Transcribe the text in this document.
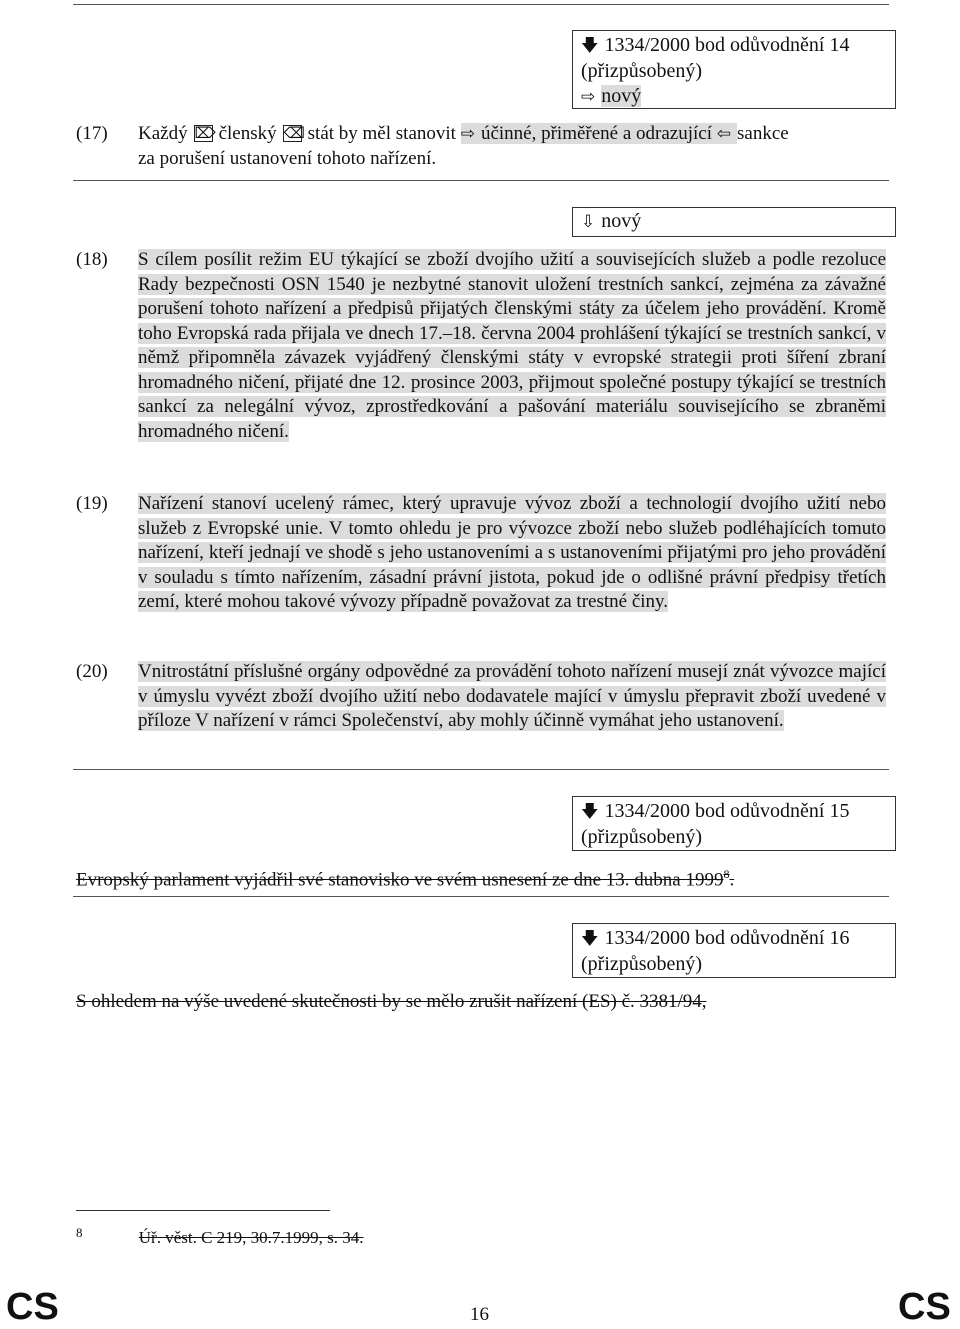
🡇 1334/2000 bod odůvodnění 14
(přizpůsobený)
⇨ nový
(17)	Každý ⌦ členský ⌫ stát by měl stanovit ⇨ účinné, přiměřené a odrazující ⇦ sankce
za porušení ustanovení tohoto nařízení.
⇩ nový
(18)	S cílem posílit režim EU týkající se zboží dvojího užití a souvisejících služeb a podle rezoluce Rady bezpečnosti OSN 1540 je nezbytné stanovit uložení trestních sankcí, zejména za závažné porušení tohoto nařízení a předpisů přijatých členskými státy za účelem jeho provádění. Kromě toho Evropská rada přijala ve dnech 17.–18. června 2004 prohlášení týkající se trestních sankcí, v němž připomněla závazek vyjádřený členskými státy v evropské strategii proti šíření zbraní hromadného ničení, přijaté dne 12. prosince 2003, přijmout společné postupy týkající se trestních sankcí za nelegální vývoz, zprostředkování a pašování materiálu souvisejícího se zbraněmi hromadného ničení.
(19)	Nařízení stanoví ucelený rámec, který upravuje vývoz zboží a technologií dvojího užití nebo služeb z Evropské unie. V tomto ohledu je pro vývozce zboží nebo služeb podléhajících tomuto nařízení, kteří jednají ve shodě s jeho ustanoveními a s ustanoveními přijatými pro jeho provádění v souladu s tímto nařízením, zásadní právní jistota, pokud jde o odlišné právní předpisy třetích zemí, které mohou takové vývozy případně považovat za trestné činy.
(20)	Vnitrostátní příslušné orgány odpovědné za provádění tohoto nařízení musejí znát vývozce mající v úmyslu vyvézt zboží dvojího užití nebo dodavatele mající v úmyslu přepravit zboží uvedené v příloze V nařízení v rámci Společenství, aby mohly účinně vymáhat jeho ustanovení.
🡇 1334/2000 bod odůvodnění 15
(přizpůsobený)
Evropský parlament vyjádřil své stanovisko ve svém usnesení ze dne 13. dubna 1999$^8$.
🡇 1334/2000 bod odůvodnění 16
(přizpůsobený)
S ohledem na výše uvedené skutečnosti by se mělo zrušit nařízení (ES) č. 3381/94,
$^8$	Úř. věst. C 219, 30.7.1999, s. 34.
CS	16	CS
